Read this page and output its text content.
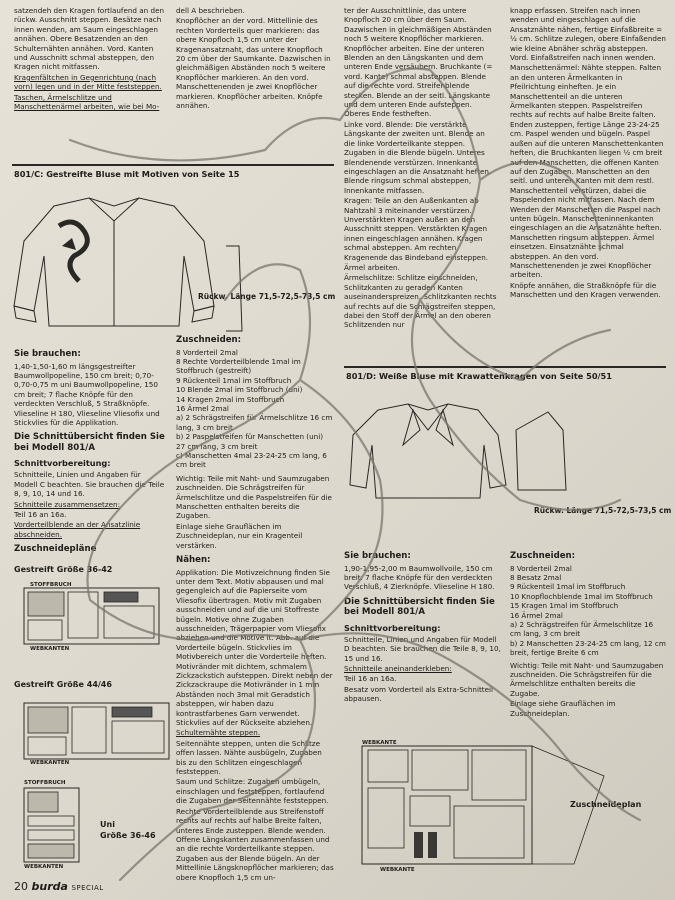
satzendeh den Kragen fortlaufend an den rückw. Ausschnitt steppen. Besätze nach innen wenden, am Saum eingeschlagen annähen. Obere Besatzenden an den Schulternähten annähen. Vord. Kanten und Ausschnitt schmal absteppen, den Kragen nicht mitfassen.

Kragenfältchen in Gegenrichtung (nach vorn) legen und in der Mitte feststeppen.

Taschen, Ärmelschlitze und Manschettenärmel arbeiten, wie bei Mo-

dell A beschrieben.

Knopflöcher an der vord. Mittellinie des rechten Vorderteils quer markieren: das obere Knopfloch 1,5 cm unter der Kragenansatznaht, das untere Knopfloch 20 cm über der Saumkante. Dazwischen in gleichmäßigen Abständen noch 5 weitere Knopflöcher markieren. An den vord. Manschettenenden je zwei Knopflöcher markieren. Knopflöcher arbeiten. Knöpfe annähen.

ter der Ausschnittlinie, das untere Knopfloch 20 cm über dem Saum. Dazwischen in gleichmäßigen Abständen noch 5 weitere Knopflöcher markieren. Knopflöcher arbeiten. Eine der unteren Blenden an den Längskanten und dem unteren Ende versäubern. Bruchkante (= vord. Kante) schmal absteppen. Blende auf die rechte vord. Streifenblende stecken. Blende an der seitl. Längskante und dem unteren Ende aufsteppen. Oberes Ende festheften.

Linke vord. Blende: Die verstärkte Längskante der zweiten unt. Blende an die linke Vorderteilkante steppen. Zugaben in die Blende bügeln. Unteres Blendenende verstürzen. Innenkante eingeschlagen an die Ansatznaht heften. Blende ringsum schmal absteppen, Innenkante mitfassen.

Kragen: Teile an den Außenkanten ab Nahtzahl 3 miteinander verstürzen. Unverstärkten Kragen außen an den Ausschnitt steppen. Verstärkten Kragen innen eingeschlagen annähen. Kragen schmal absteppen. Am rechten Kragenende das Bindeband einsteppen.

Ärmel arbeiten.

Ärmelschlitze: Schlitze einschneiden, Schlitzkanten zu geraden Kanten auseinanderspreizen. Schlitzkanten rechts auf rechts auf die Schrägstreifen steppen, dabei den Stoff der Ärmel an den oberen Schlitzenden nur

knapp erfassen. Streifen nach innen wenden und eingeschlagen auf die Ansatznähte nähen, fertige Einfaßbreite = ½ cm. Schlitze zulegen, obere Einfaßenden wie kleine Abnäher schräg absteppen. Vord. Einfaßstreifen nach innen wenden.

Manschettenärmel: Nähte steppen. Falten an den unteren Ärmelkanten in Pfeilrichtung einheften. Je ein Manschettenteil an die unteren Ärmelkanten steppen. Paspelstreifen rechts auf rechts auf halbe Breite falten. Enden zusteppen, fertige Länge 23-24-25 cm. Paspel wenden und bügeln. Paspel außen auf die unteren Manschettenkanten heften, die Bruchkanten liegen ½ cm breit auf den Manschetten, die offenen Kanten auf den Zugaben. Manschetten an den seitl. und unteren Kanten mit dem restl. Manschettenteil verstürzen, dabei die Paspelenden nicht mitfassen. Nach dem Wenden der Manschetten die Paspel nach unten bügeln. Manschetteninnenkanten eingeschlagen an die Ansatznähte heften. Manschetten ringsum absteppen. Ärmel einsetzen. Einsatznähte schmal absteppen. An den vord. Manschettenenden je zwei Knopflöcher arbeiten.

Knöpfe annähen, die Straßknöpfe für die Manschetten und den Kragen verwenden.

801/C: Gestreifte Bluse mit Motiven von Seite 15
Rückw. Länge 71,5-72,5-73,5 cm
Sie brauchen:

1,40-1,50-1,60 m längsgestreifter Baumwollpopeline, 150 cm breit; 0,70-0,70-0,75 m uni Baumwollpopeline, 150 cm breit; 7 flache Knöpfe für den verdeckten Verschluß, 5 Straßknöpfe. Vlieseline H 180, Vlieseline Vliesofix und Stickvlies für die Applikation.

Die Schnittübersicht finden Sie bei Modell 801/A
Schnittvorbereitung:

Schnitteile, Linien und Angaben für Modell C beachten. Sie brauchen die Teile 8, 9, 10, 14 und 16.

Schnitteile zusammensetzen:

Teil 16 an 16a.

Vorderteilblende an der Ansatzlinie abschneiden.

Zuschneidepläne
Gestreift Größe 36-42
STOFFBRUCH
WEBKANTEN
Gestreift Größe 44/46
WEBKANTEN
STOFFBRUCH
WEBKANTEN
Uni
Größe 36-46
Zuschneiden:

8 Vorderteil 2mal

8 Rechte Vorderteilblende 1mal im Stoffbruch (gestreift)

9 Rückenteil 1mal im Stoffbruch

10 Blende 2mal im Stoffbruch (uni)

14 Kragen 2mal im Stoffbruch

16 Ärmel 2mal

a) 2 Schrägstreifen für Ärmelschlitze 16 cm lang, 3 cm breit

b) 2 Paspelstreifen für Manschetten (uni) 27 cm lang, 3 cm breit

c) Manschetten 4mal 23-24-25 cm lang, 6 cm breit

Wichtig: Teile mit Naht- und Saumzugaben zuschneiden. Die Schrägstreifen für Ärmelschlitze und die Paspelstreifen für die Manschetten enthalten bereits die Zugaben.

Einlage siehe Grauflächen im Zuschneideplan, nur ein Kragenteil verstärken.

Nähen:

Applikation: Die Motivzeichnung finden Sie unter dem Text. Motiv abpausen und mal gegengleich auf die Papierseite vom Vliesofix übertragen. Motiv mit Zugaben ausschneiden und auf die uni Stoffreste bügeln. Motive ohne Zugaben ausschneiden, Trägerpapier vom Vliesofix abziehen und die Motive lt. Abb. auf die Vorderteile bügeln. Stickvlies im Motivbereich unter die Vorderteile heften. Motivränder mit dichtem, schmalem Zickzackstich aufsteppen. Direkt neben der Zickzackraupe die Motivränder in 1 mm Abständen noch 3mal mit Geradstich absteppen, wir haben dazu kontrastfarbenes Garn verwendet. Stickvlies auf der Rückseite abziehen.

Schulternähte steppen.

Seitennähte steppen, unten die Schlitze offen lassen. Nähte ausbügeln, Zugaben bis zu den Schlitzen eingeschlagen feststeppen.

Saum und Schlitze: Zugaben umbügeln, einschlagen und feststeppen, fortlaufend die Zugaben der Seitennähte feststeppen.

Rechte Vorderteilblende aus Streifenstoff rechts auf rechts auf halbe Breite falten, unteres Ende zusteppen. Blende wenden. Offene Längskanten zusammenfassen und an die rechte Vorderteilkante steppen. Zugaben aus der Blende bügeln. An der Mittellinie Längsknopflöcher markieren; das obere Knopfloch 1,5 cm un-

801/D: Weiße Bluse mit Krawattenkragen von Seite 50/51
Rückw. Länge 71,5-72,5-73,5 cm
Sie brauchen:

1,90-1,95-2,00 m Baumwollvoile, 150 cm breit. 7 flache Knöpfe für den verdeckten Verschluß, 4 Zierknöpfe. Vlieseline H 180.

Die Schnittübersicht finden Sie bei Modell 801/A
Schnittvorbereitung:

Schnitteile, Linien und Angaben für Modell D beachten. Sie brauchen die Teile 8, 9, 10, 15 und 16.

Schnitteile aneinanderkleben:

Teil 16 an 16a.

Besatz vom Vorderteil als Extra-Schnitteil abpausen.

Zuschneiden:

8 Vorderteil 2mal

8 Besatz 2mal

9 Rückenteil 1mal im Stoffbruch

10 Knopflochblende 1mal im Stoffbruch

15 Kragen 1mal im Stoffbruch

16 Ärmel 2mal

a) 2 Schrägstreifen für Ärmelschlitze 16 cm lang, 3 cm breit

b) 2 Manschetten 23-24-25 cm lang, 12 cm breit, fertige Breite 6 cm

Wichtig: Teile mit Naht- und Saumzugaben zuschneiden. Die Schrägstreifen für die Ärmelschlitze enthalten bereits die Zugabe.

Einlage siehe Grauflächen im Zuschneideplan.

WEBKANTE
WEBKANTE
Zuschneideplan
20 burda SPECIAL
